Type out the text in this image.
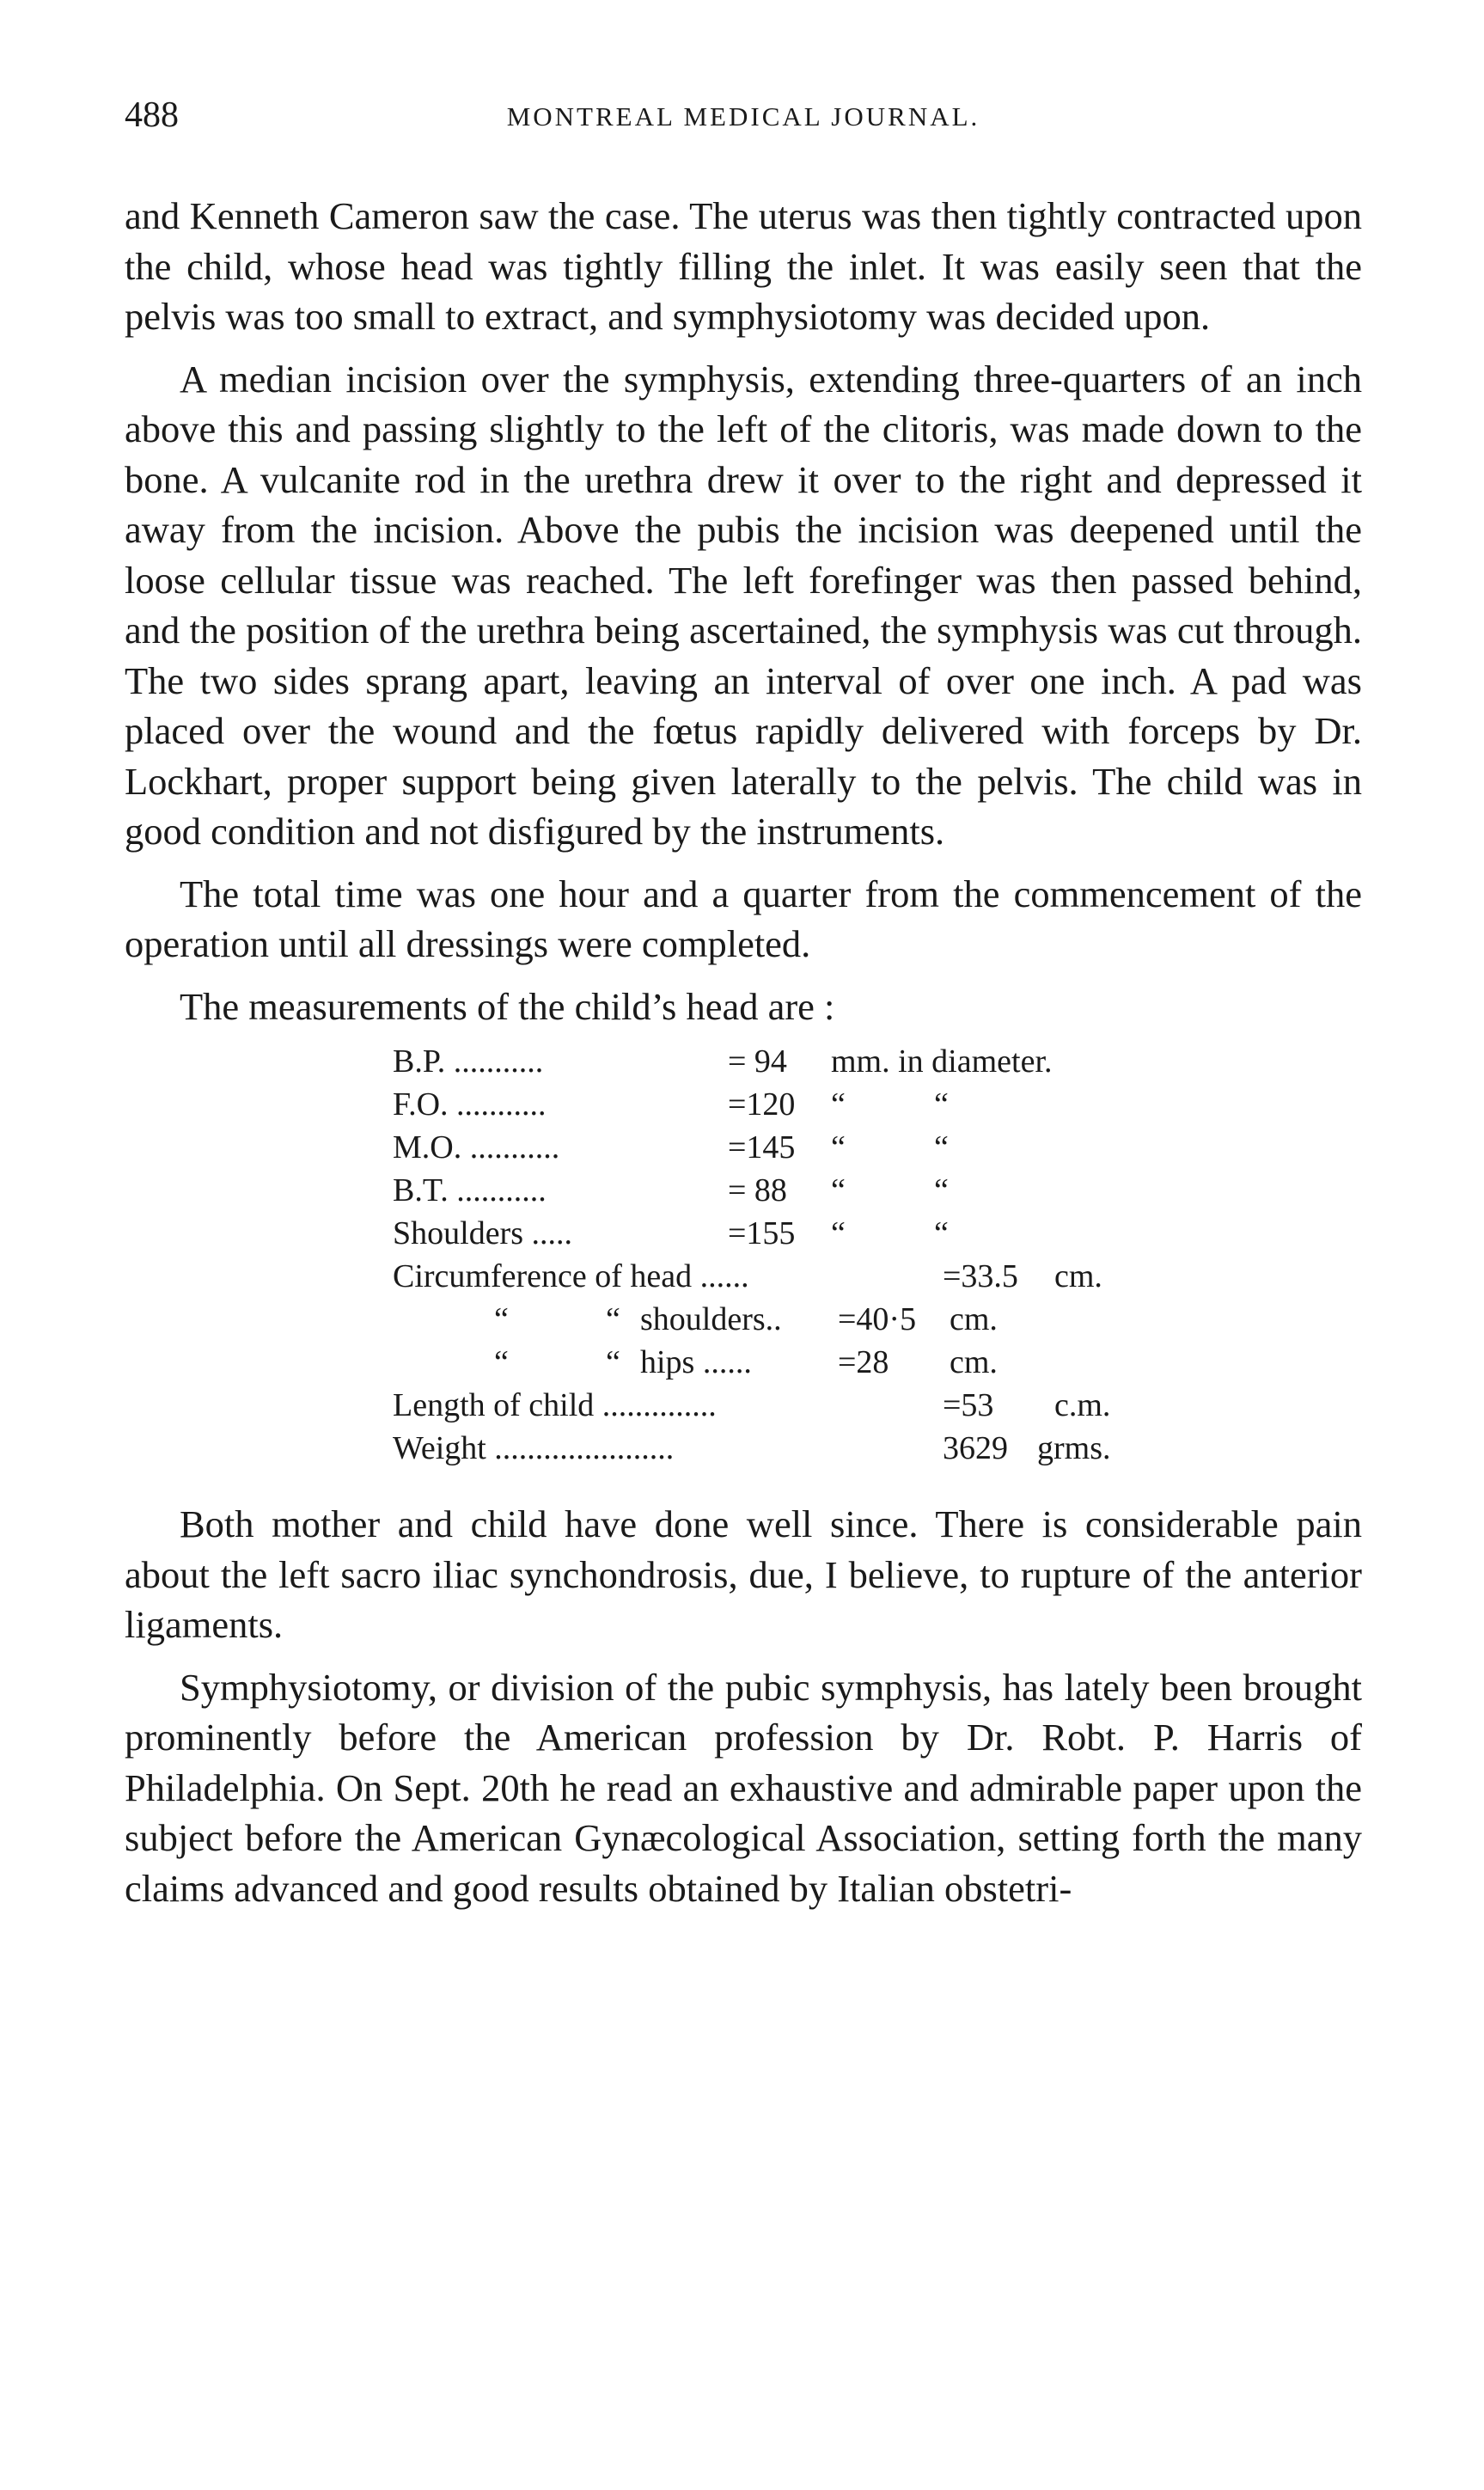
488	MONTREAL MEDICAL JOURNAL.

and Kenneth Cameron saw the case. The uterus was then tightly contracted upon the child, whose head was tightly filling the inlet. It was easily seen that the pelvis was too small to extract, and symphysiotomy was decided upon.

A median incision over the symphysis, extending three-quarters of an inch above this and passing slightly to the left of the clitoris, was made down to the bone. A vulcanite rod in the urethra drew it over to the right and depressed it away from the incision. Above the pubis the incision was deepened until the loose cellular tissue was reached. The left forefinger was then passed behind, and the position of the urethra being ascertained, the symphysis was cut through. The two sides sprang apart, leaving an interval of over one inch. A pad was placed over the wound and the fœtus rapidly delivered with forceps by Dr. Lockhart, proper support being given laterally to the pelvis. The child was in good condition and not disfigured by the instruments.

The total time was one hour and a quarter from the commencement of the operation until all dressings were completed.

The measurements of the child’s head are :

B.P. ...........	= 94	mm. in diameter.
F.O. ...........	=120	“	“
M.O. ...........	=145	“	“
B.T. ...........	= 88	“	“
Shoulders .....	=155	“	“
Circumference of head ......	=33.5	cm.
“	“ shoulders..	=40·5	cm.
“	“ hips ......	=28	cm.
Length of child ..............	=53	c.m.
Weight ......................	3629 grms.

Both mother and child have done well since. There is considerable pain about the left sacro iliac synchondrosis, due, I believe, to rupture of the anterior ligaments.

Symphysiotomy, or division of the pubic symphysis, has lately been brought prominently before the American profession by Dr. Robt. P. Harris of Philadelphia. On Sept. 20th he read an exhaustive and admirable paper upon the subject before the American Gynæcological Association, setting forth the many claims advanced and good results obtained by Italian obstetri-
